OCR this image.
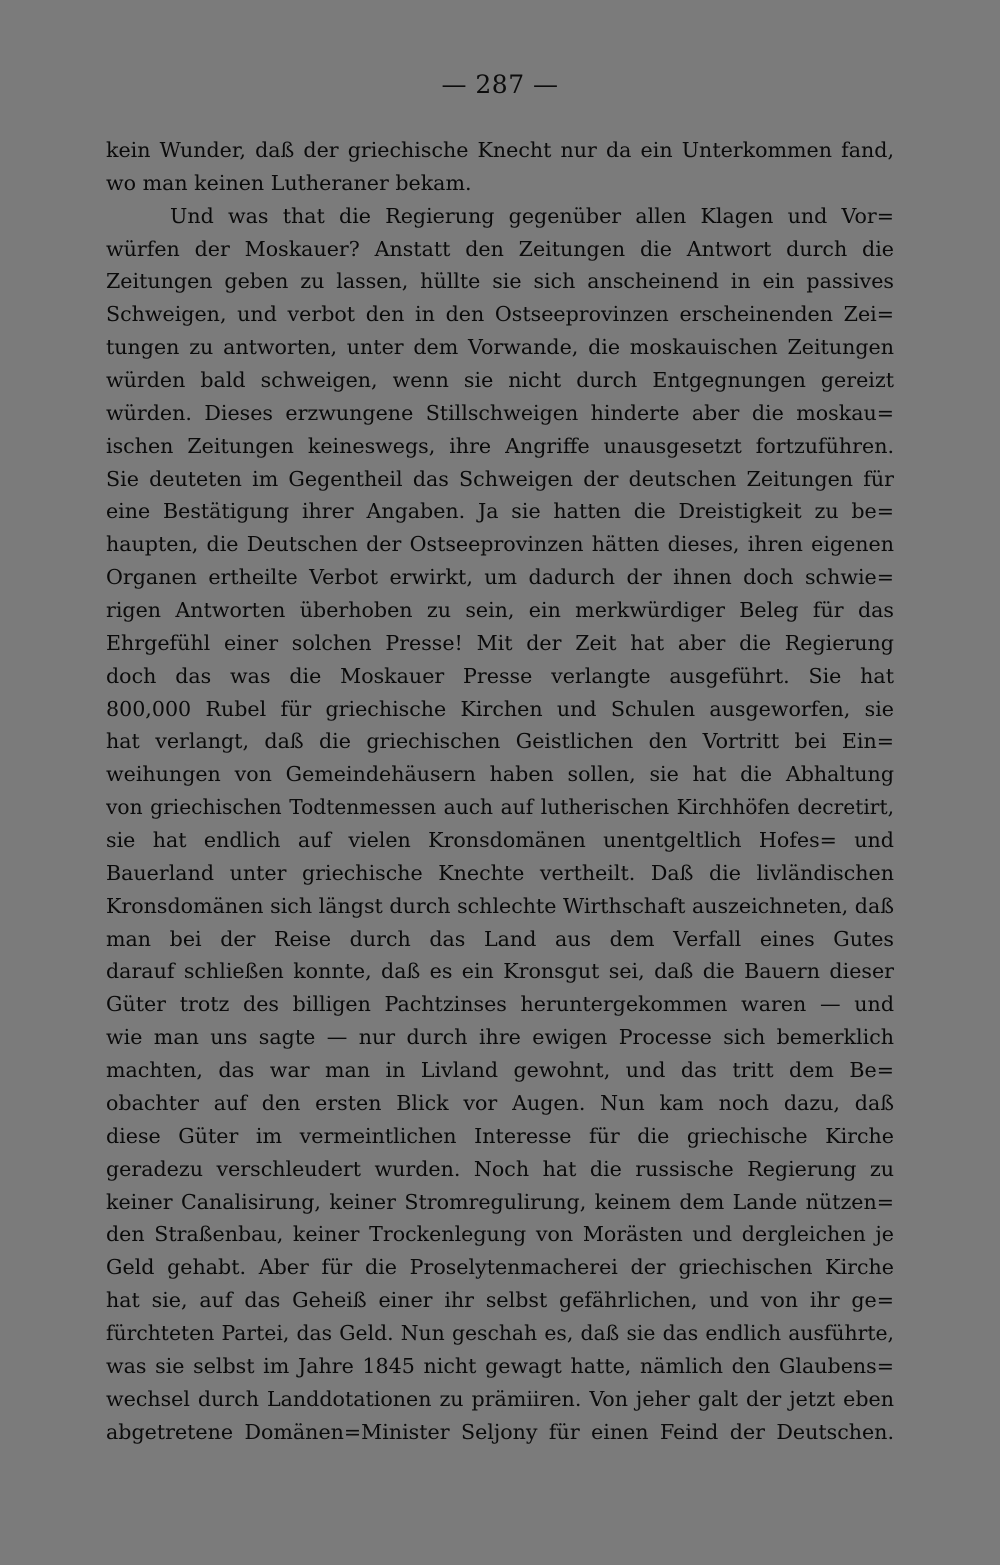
— 287 —
kein Wunder, daß der griechische Knecht nur da ein Unterkommen fand,
wo man keinen Lutheraner bekam.
Und was that die Regierung gegenüber allen Klagen und Vor=
würfen der Moskauer? Anstatt den Zeitungen die Antwort durch die
Zeitungen geben zu lassen, hüllte sie sich anscheinend in ein passives
Schweigen, und verbot den in den Ostseeprovinzen erscheinenden Zei=
tungen zu antworten, unter dem Vorwande, die moskauischen Zeitungen
würden bald schweigen, wenn sie nicht durch Entgegnungen gereizt
würden. Dieses erzwungene Stillschweigen hinderte aber die moskau=
ischen Zeitungen keineswegs, ihre Angriffe unausgesetzt fortzuführen.
Sie deuteten im Gegentheil das Schweigen der deutschen Zeitungen für
eine Bestätigung ihrer Angaben. Ja sie hatten die Dreistigkeit zu be=
haupten, die Deutschen der Ostseeprovinzen hätten dieses, ihren eigenen
Organen ertheilte Verbot erwirkt, um dadurch der ihnen doch schwie=
rigen Antworten überhoben zu sein, ein merkwürdiger Beleg für das
Ehrgefühl einer solchen Presse! Mit der Zeit hat aber die Regierung
doch das was die Moskauer Presse verlangte ausgeführt. Sie hat
800,000 Rubel für griechische Kirchen und Schulen ausgeworfen, sie
hat verlangt, daß die griechischen Geistlichen den Vortritt bei Ein=
weihungen von Gemeindehäusern haben sollen, sie hat die Abhaltung
von griechischen Todtenmessen auch auf lutherischen Kirchhöfen decretirt,
sie hat endlich auf vielen Kronsdomänen unentgeltlich Hofes= und
Bauerland unter griechische Knechte vertheilt. Daß die livländischen
Kronsdomänen sich längst durch schlechte Wirthschaft auszeichneten, daß
man bei der Reise durch das Land aus dem Verfall eines Gutes
darauf schließen konnte, daß es ein Kronsgut sei, daß die Bauern dieser
Güter trotz des billigen Pachtzinses heruntergekommen waren — und
wie man uns sagte — nur durch ihre ewigen Processe sich bemerklich
machten, das war man in Livland gewohnt, und das tritt dem Be=
obachter auf den ersten Blick vor Augen. Nun kam noch dazu, daß
diese Güter im vermeintlichen Interesse für die griechische Kirche
geradezu verschleudert wurden. Noch hat die russische Regierung zu
keiner Canalisirung, keiner Stromregulirung, keinem dem Lande nützen=
den Straßenbau, keiner Trockenlegung von Morästen und dergleichen je
Geld gehabt. Aber für die Proselytenmacherei der griechischen Kirche
hat sie, auf das Geheiß einer ihr selbst gefährlichen, und von ihr ge=
fürchteten Partei, das Geld. Nun geschah es, daß sie das endlich ausführte,
was sie selbst im Jahre 1845 nicht gewagt hatte, nämlich den Glaubens=
wechsel durch Landdotationen zu prämiiren. Von jeher galt der jetzt eben
abgetretene Domänen=Minister Seljony für einen Feind der Deutschen.
